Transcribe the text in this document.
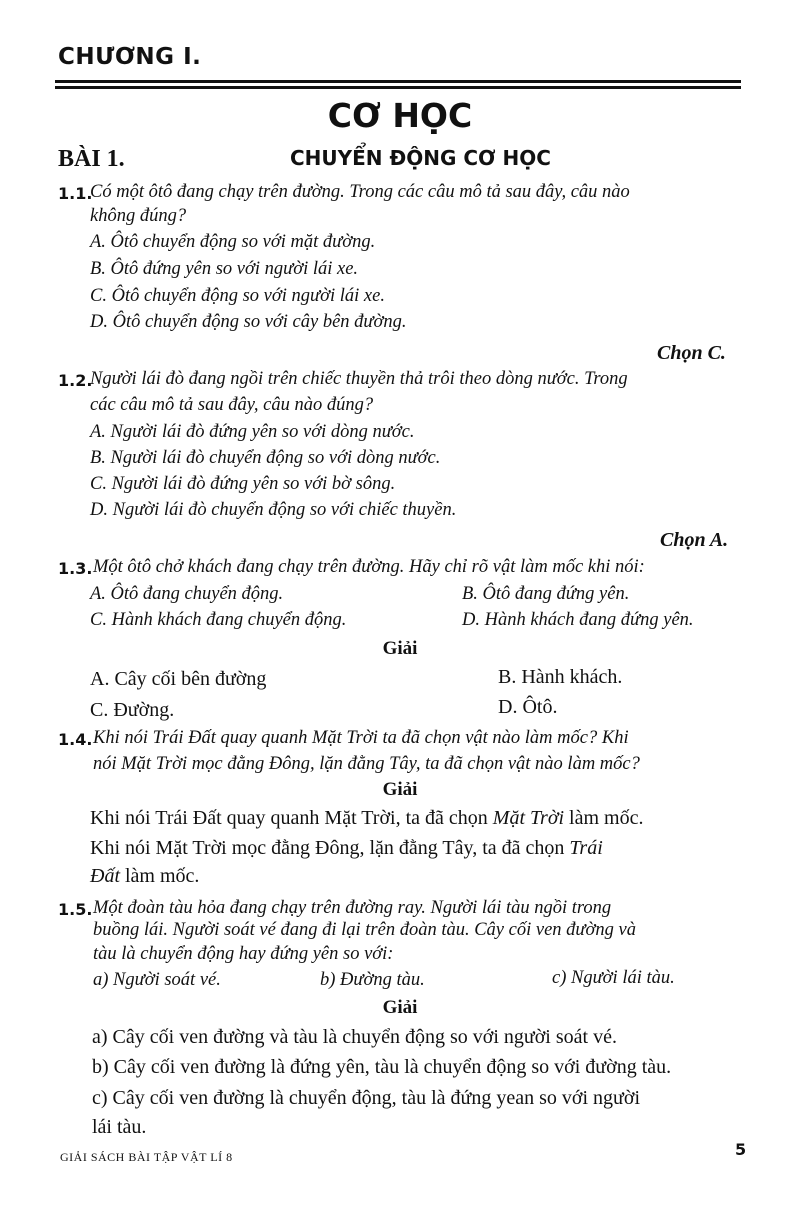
CHƯƠNG I.
CƠ HỌC
BÀI 1.	CHUYỂN ĐỘNG CƠ HỌC
1.1.
Có một ôtô đang chạy trên đường. Trong các câu mô tả sau đây, câu nào
không đúng?
A. Ôtô chuyển động so với mặt đường.
B. Ôtô đứng yên so với người lái xe.
C. Ôtô chuyển động so với người lái xe.
D. Ôtô chuyển động so với cây bên đường.
Chọn C.
1.2.
Người lái đò đang ngồi trên chiếc thuyền thả trôi theo dòng nước. Trong
các câu mô tả sau đây, câu nào đúng?
A. Người lái đò đứng yên so với dòng nước.
B. Người lái đò chuyển động so với dòng nước.
C. Người lái đò đứng yên so với bờ sông.
D. Người lái đò chuyển động so với chiếc thuyền.
Chọn A.
1.3. Một ôtô chở khách đang chạy trên đường. Hãy chỉ rõ vật làm mốc khi nói:
A. Ôtô đang chuyển động.	B. Ôtô đang đứng yên.
C. Hành khách đang chuyển động.	D. Hành khách đang đứng yên.
Giải
A. Cây cối bên đường	B. Hành khách.
C. Đường.	D. Ôtô.
1.4. Khi nói Trái Đất quay quanh Mặt Trời ta đã chọn vật nào làm mốc? Khi
nói Mặt Trời mọc đằng Đông, lặn đằng Tây, ta đã chọn vật nào làm mốc?
Giải
Khi nói Trái Đất quay quanh Mặt Trời, ta đã chọn Mặt Trời làm mốc.
Khi nói Mặt Trời mọc đằng Đông, lặn đằng Tây, ta đã chọn Trái
Đất làm mốc.
1.5. Một đoàn tàu hỏa đang chạy trên đường ray. Người lái tàu ngồi trong
buồng lái. Người soát vé đang đi lại trên đoàn tàu. Cây cối ven đường và
tàu là chuyển động hay đứng yên so với:
a) Người soát vé.	b) Đường tàu.	c) Người lái tàu.
Giải
a) Cây cối ven đường và tàu là chuyển động so với người soát vé.
b) Cây cối ven đường là đứng yên, tàu là chuyển động so với đường tàu.
c) Cây cối ven đường là chuyển động, tàu là đứng yean so với người
lái tàu.
GIẢI SÁCH BÀI TẬP VẬT LÍ 8	5
